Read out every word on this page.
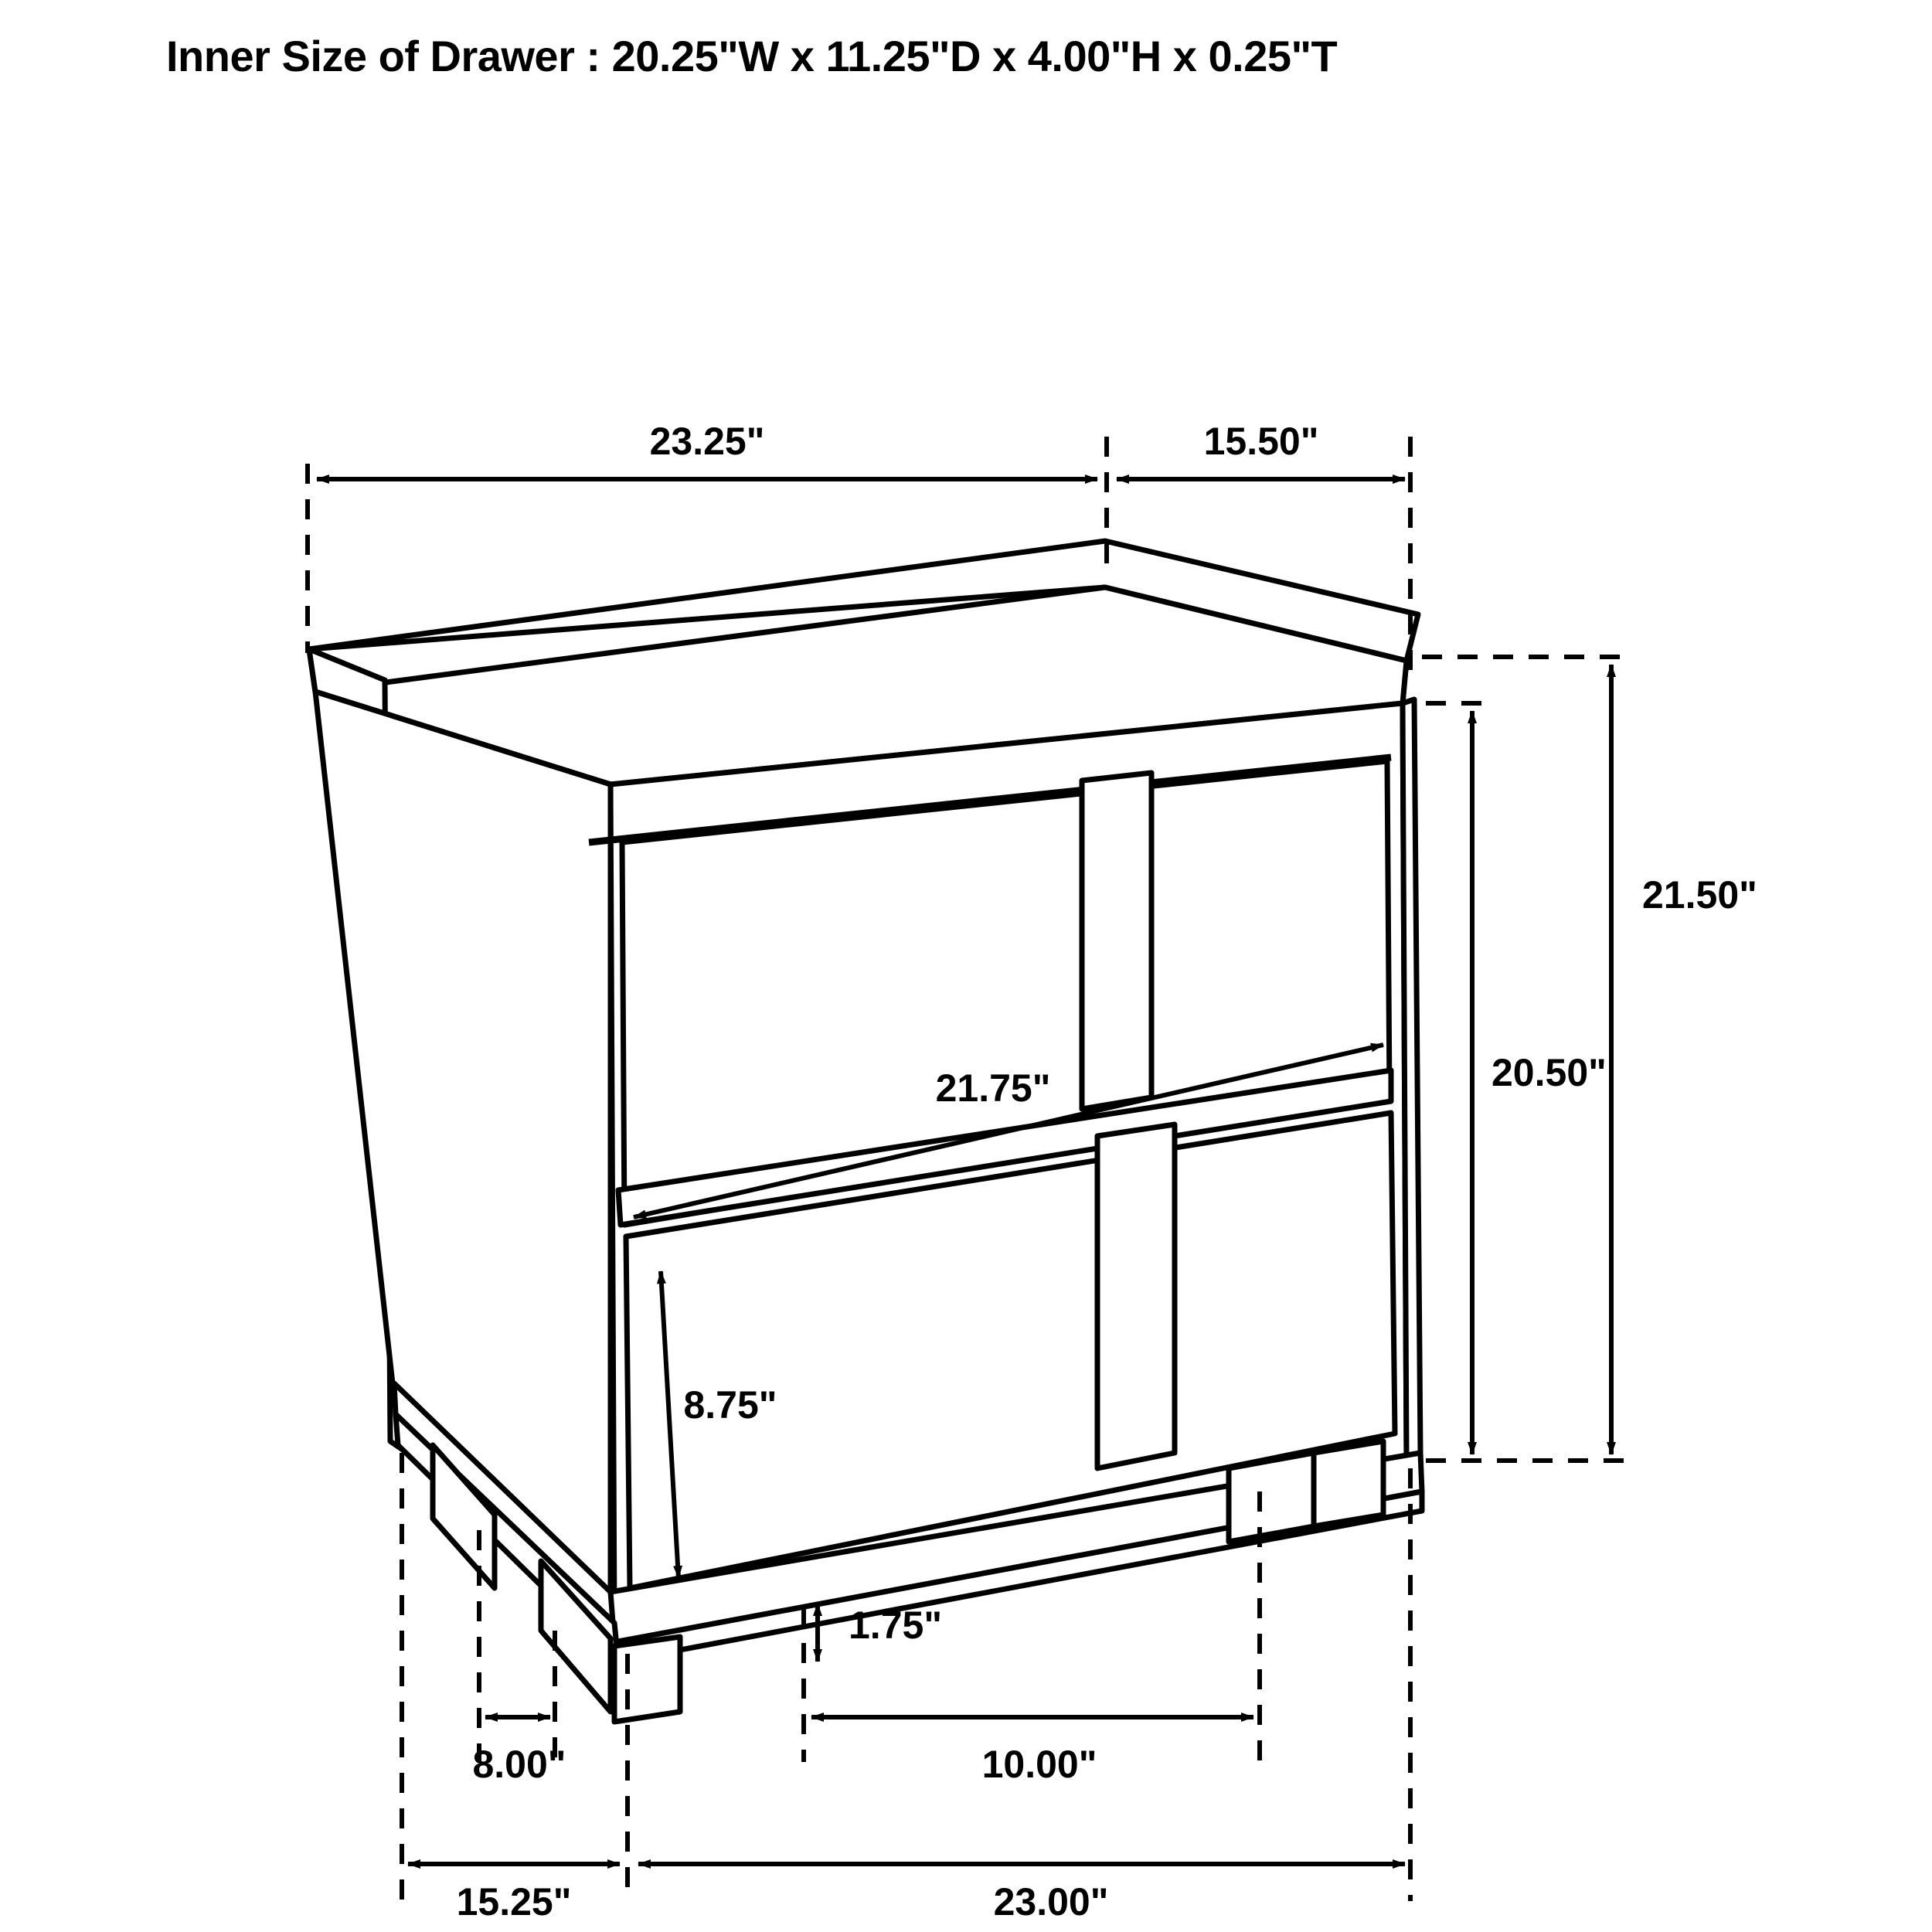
Inner Size of Drawer : 20.25"W x 11.25"D x 4.00"H x 0.25"T
23.25"	15.50"
21.50"
20.50"
21.75"
8.75"
1.75"
8.00"	10.00"
15.25"	23.00"
